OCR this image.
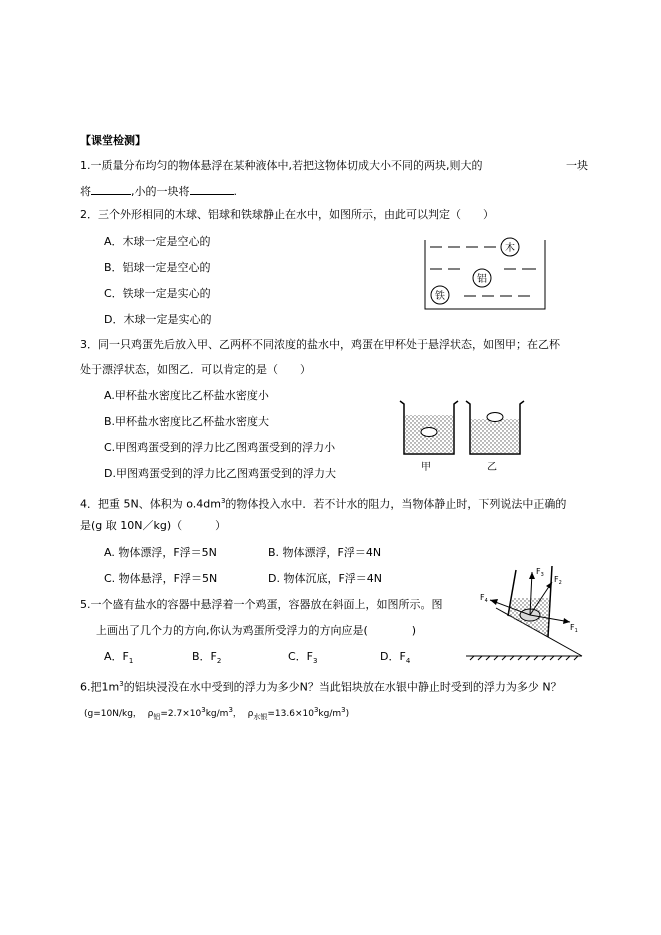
【课堂检测】
1.一质量分布均匀的物体悬浮在某种液体中,若把这物体切成大小不同的两块,则大的	一块
将	,小的一块将	.
2．三个外形相同的木球、铝球和铁球静止在水中，如图所示，由此可以判定（　　）
A．木球一定是空心的
B．铝球一定是空心的
C．铁球一定是实心的
D．木球一定是实心的
木
铝
铁
3．同一只鸡蛋先后放入甲、乙两杯不同浓度的盐水中，鸡蛋在甲杯处于悬浮状态，如图甲；在乙杯
处于漂浮状态，如图乙．可以肯定的是（　　）
A.甲杯盐水密度比乙杯盐水密度小
B.甲杯盐水密度比乙杯盐水密度大
C.甲图鸡蛋受到的浮力比乙图鸡蛋受到的浮力小
D.甲图鸡蛋受到的浮力比乙图鸡蛋受到的浮力大	甲	乙
4．把重 5N、体积为 $o.4dm^3$的物体投入水中．若不计水的阻力，当物体静止时，下列说法中正确的
是(g 取 10N／kg)（　　　）
A. 物体漂浮，F浮＝5N	B. 物体漂浮，F浮＝4N
C. 物体悬浮，F浮＝5N	D. 物体沉底，F浮＝4N
5.一个盛有盐水的容器中悬浮着一个鸡蛋，容器放在斜面上，如图所示。图
上画出了几个力的方向,你认为鸡蛋所受浮力的方向应是(　　　　)
A．$F_1$	B．$F_2$	C．$F_3$	D．$F_4$
$F_1$
$F_2$
$F_3$
$F_4$
6.把$1m^3$的铝块浸没在水中受到的浮力为多少N？当此铝块放在水银中静止时受到的浮力为多少 N？
(g=10N/kg， $\rho_铝=2.7\times 10^3kg/m^3$， $\rho_{水银}=13.6\times 10^3kg/m^3$)
